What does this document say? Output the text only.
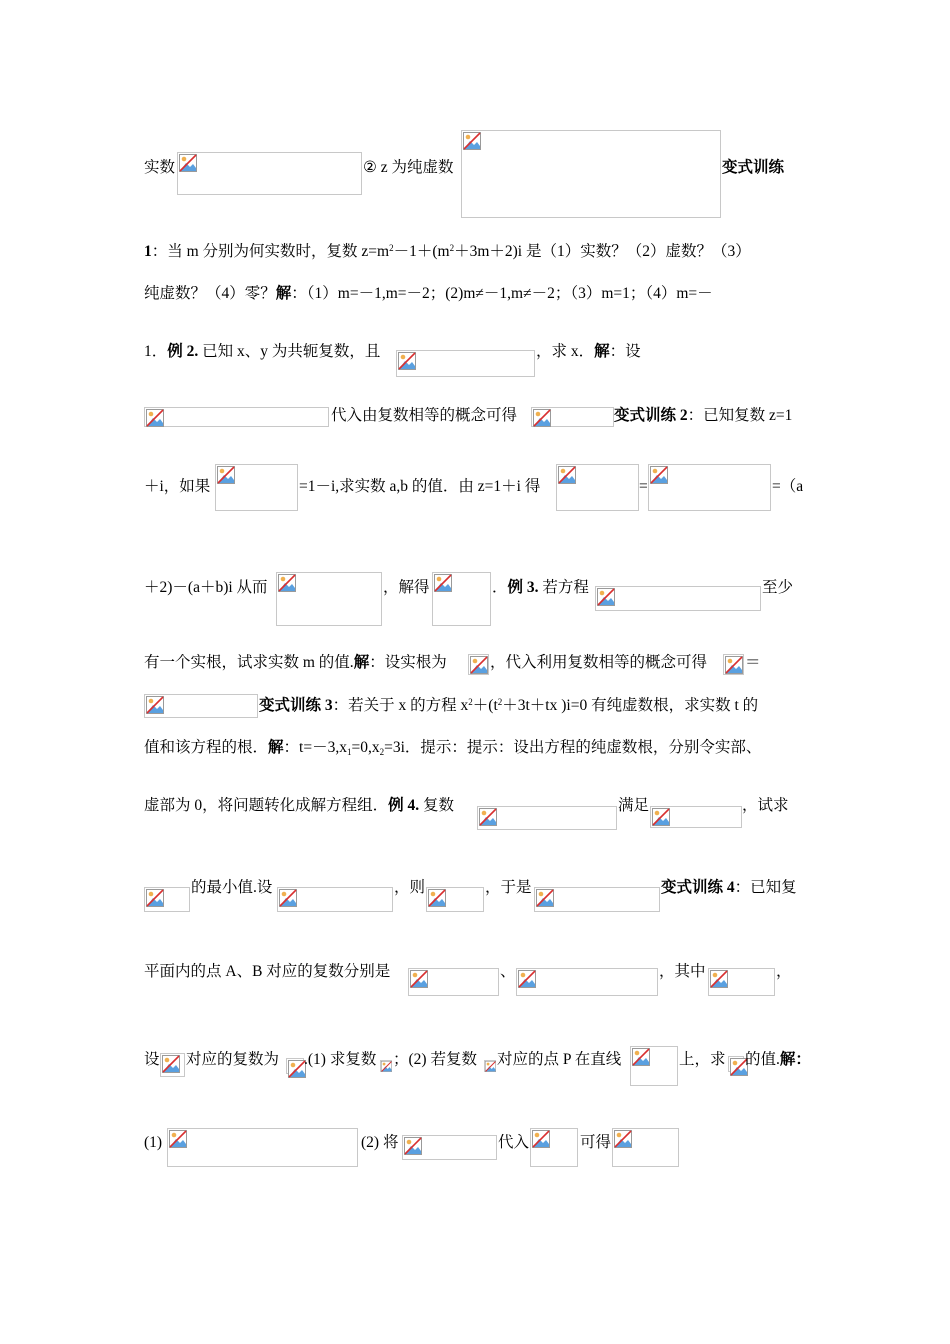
实数	② z 为纯虚数	变式训练
1：当 m 分别为何实数时，复数 $z=m^2-1+(m^2+3m+2)i$ 是（1）实数？（2）虚数？（3）
纯虚数？（4）零？解：（1）m=－1,m=－2；(2)m≠－1,m≠－2；（3）m=1；（4）m=－
1．例 2. 已知 x、y 为共轭复数，且	，求 x．解：设
代入由复数相等的概念可得	变式训练 2：已知复数 z=1
＋i，如果	=1－i,求实数 a,b 的值．由 z=1＋i 得	=	=（a
＋2)－(a＋b)i 从而	，解得	．例 3. 若方程	至少
有一个实根，试求实数 m 的值.解：设实根为	，代入利用复数相等的概念可得 ＝
变式训练 3：若关于 x 的方程 $x^2+(t^2+3t+tx$ )i=0 有纯虚数根，求实数 t 的
值和该方程的根．解：$t=-3,x_1=0,x_2=3i$．提示：提示：设出方程的纯虚数根，分别令实部、
虚部为 0，将问题转化成解方程组．例 4. 复数	满足	，试求
的最小值.设	，则	，于是	变式训练 4：已知复
平面内的点 A、B 对应的复数分别是	、	，其中	，
设 对应的复数为 .(1) 求复数 ；(2) 若复数 对应的点 P 在直线	上，求 的值.解：
(1)	(2) 将	代入	可得
